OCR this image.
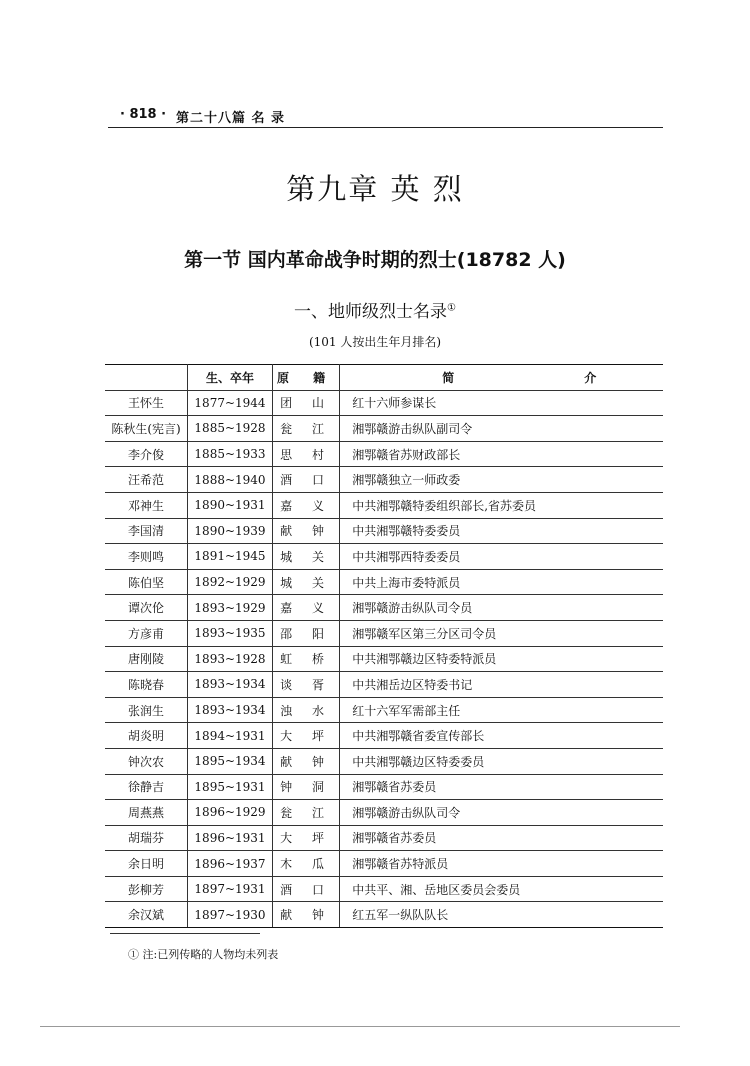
· 818 · 第二十八篇 名 录
第九章 英 烈
第一节 国内革命战争时期的烈士(18782 人)
一、地师级烈士名录①
(101 人按出生年月排名)
	生、卒年	原 籍	简 介
王怀生	1877~1944	团 山	红十六师参谋长
陈秋生(宪言)	1885~1928	瓮 江	湘鄂赣游击纵队副司令
李介俊	1885~1933	思 村	湘鄂赣省苏财政部长
汪希范	1888~1940	酒 口	湘鄂赣独立一师政委
邓神生	1890~1931	嘉 义	中共湘鄂赣特委组织部长,省苏委员
李国清	1890~1939	献 钟	中共湘鄂赣特委委员
李则鸣	1891~1945	城 关	中共湘鄂西特委委员
陈伯坚	1892~1929	城 关	中共上海市委特派员
谭次伦	1893~1929	嘉 义	湘鄂赣游击纵队司令员
方彦甫	1893~1935	邵 阳	湘鄂赣军区第三分区司令员
唐刚陵	1893~1928	虹 桥	中共湘鄂赣边区特委特派员
陈晓春	1893~1934	谈 胥	中共湘岳边区特委书记
张润生	1893~1934	浊 水	红十六军军需部主任
胡炎明	1894~1931	大 坪	中共湘鄂赣省委宣传部长
钟次农	1895~1934	献 钟	中共湘鄂赣边区特委委员
徐静吉	1895~1931	钟 洞	湘鄂赣省苏委员
周燕燕	1896~1929	瓮 江	湘鄂赣游击纵队司令
胡瑞芬	1896~1931	大 坪	湘鄂赣省苏委员
余日明	1896~1937	木 瓜	湘鄂赣省苏特派员
彭柳芳	1897~1931	酒 口	中共平、湘、岳地区委员会委员
余汉斌	1897~1930	献 钟	红五军一纵队队长
① 注:已列传略的人物均未列表
